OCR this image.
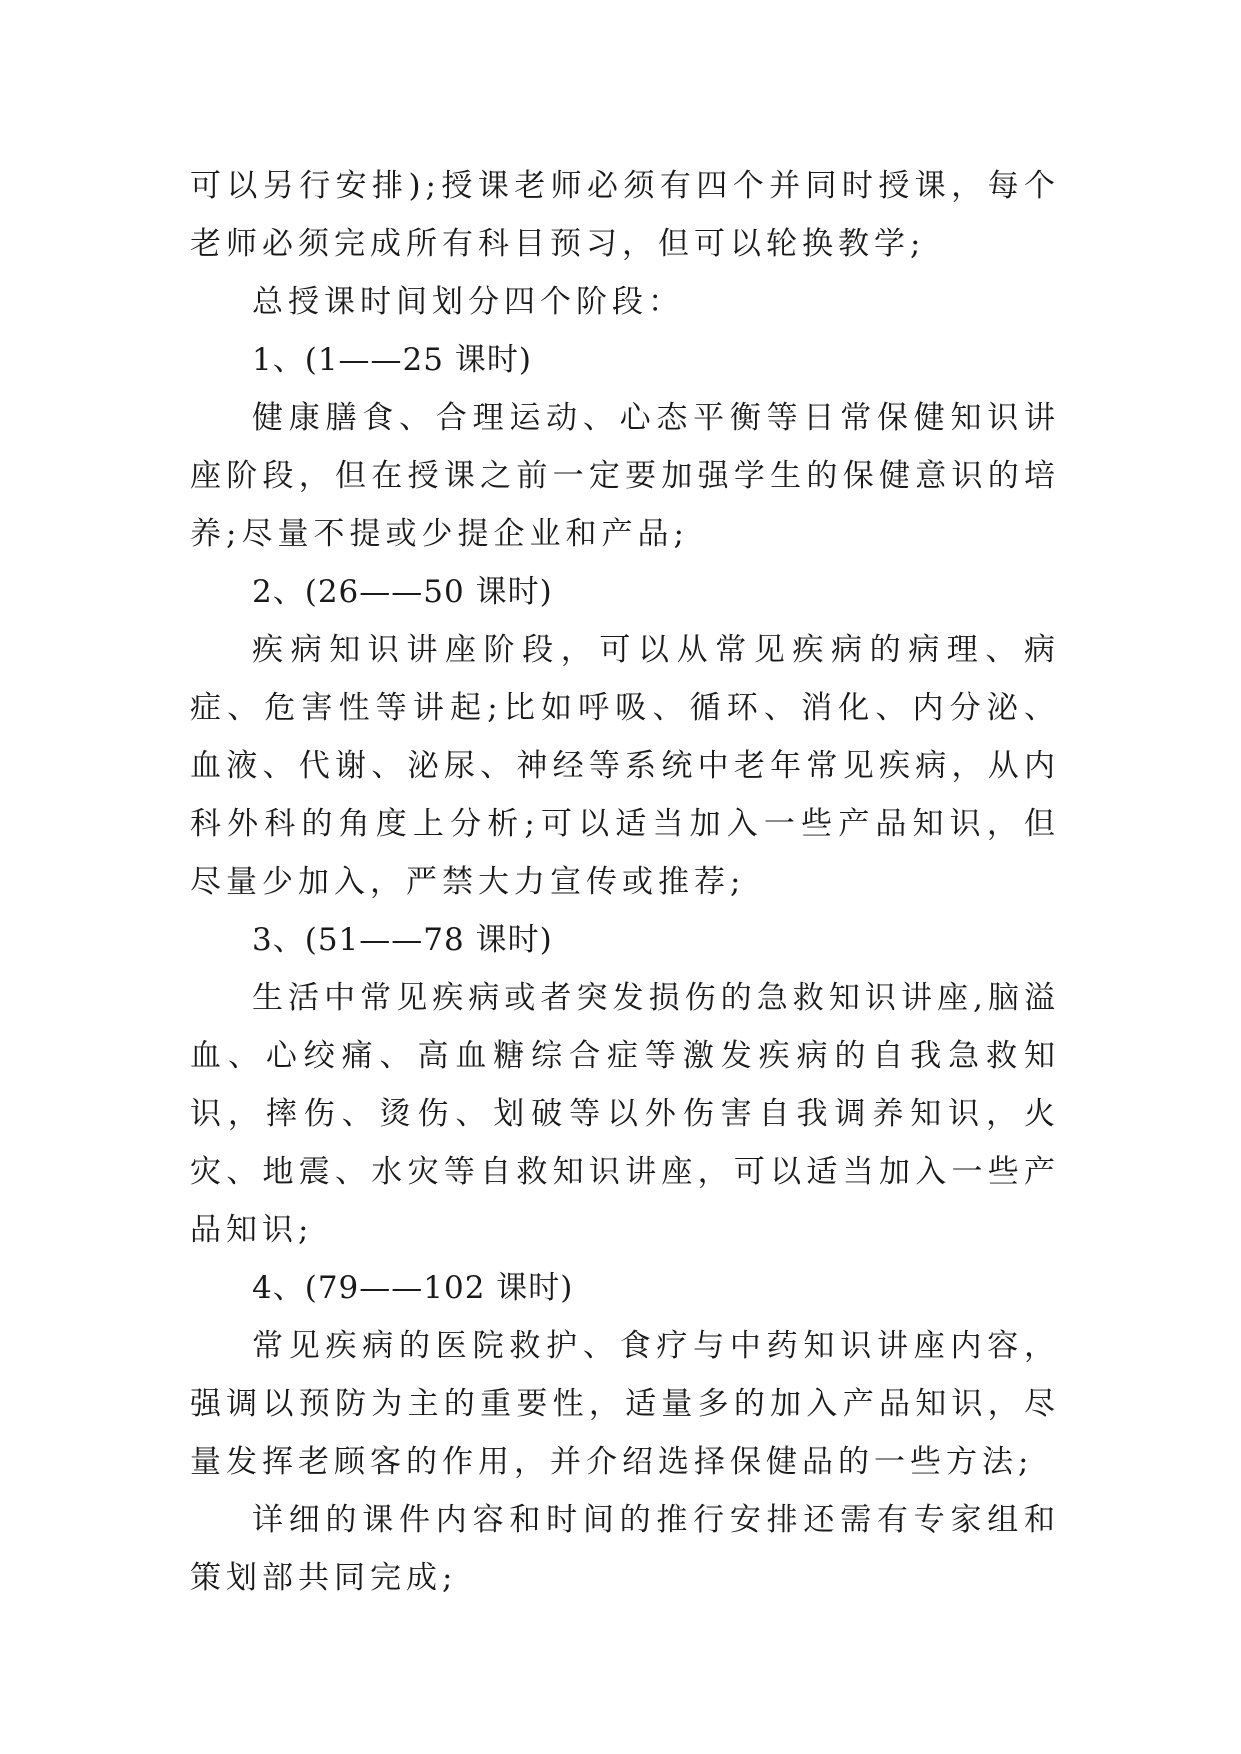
可以另行安排);授课老师必须有四个并同时授课，每个老师必须完成所有科目预习，但可以轮换教学;

总授课时间划分四个阶段：

1、(1——25 课时)

健康膳食、合理运动、心态平衡等日常保健知识讲座阶段，但在授课之前一定要加强学生的保健意识的培养;尽量不提或少提企业和产品;

2、(26——50 课时)

疾病知识讲座阶段，可以从常见疾病的病理、病症、危害性等讲起;比如呼吸、循环、消化、内分泌、血液、代谢、泌尿、神经等系统中老年常见疾病，从内科外科的角度上分析;可以适当加入一些产品知识，但尽量少加入，严禁大力宣传或推荐;

3、(51——78 课时)

生活中常见疾病或者突发损伤的急救知识讲座,脑溢血、心绞痛、高血糖综合症等激发疾病的自我急救知识，摔伤、烫伤、划破等以外伤害自我调养知识，火灾、地震、水灾等自救知识讲座，可以适当加入一些产品知识;

4、(79——102 课时)

常见疾病的医院救护、食疗与中药知识讲座内容，强调以预防为主的重要性，适量多的加入产品知识，尽量发挥老顾客的作用，并介绍选择保健品的一些方法;

详细的课件内容和时间的推行安排还需有专家组和策划部共同完成;
